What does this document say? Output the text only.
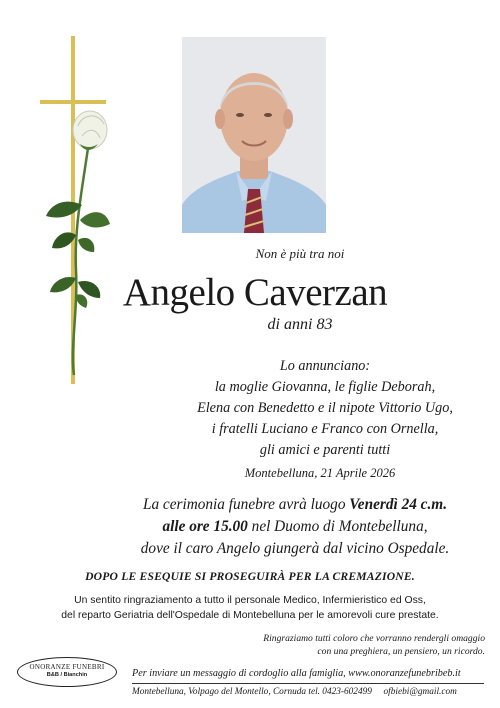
Non è più tra noi
Angelo Caverzan
di anni 83
Lo annunciano:
la moglie Giovanna, le figlie Deborah,
Elena con Benedetto e il nipote Vittorio Ugo,
i fratelli Luciano e Franco con Ornella,
gli amici e parenti tutti
Montebelluna, 21 Aprile 2026
La cerimonia funebre avrà luogo Venerdì 24 c.m.
alle ore 15.00 nel Duomo di Montebelluna,
dove il caro Angelo giungerà dal vicino Ospedale.
DOPO LE ESEQUIE SI PROSEGUIRÀ PER LA CREMAZIONE.
Un sentito ringraziamento a tutto il personale Medico, Infermieristico ed Oss,
del reparto Geriatria dell'Ospedale di Montebelluna per le amorevoli cure prestate.
Ringraziamo tutti coloro che vorranno rendergli omaggio
con una preghiera, un pensiero, un ricordo.
ONORANZE FUNEBRI
B&B / Bianchin	Per inviare un messaggio di cordoglio alla famiglia, www.onoranzefunebribeb.it
Montebelluna, Volpago del Montello, Cornuda tel. 0423-602499     ofbiebi@gmail.com
